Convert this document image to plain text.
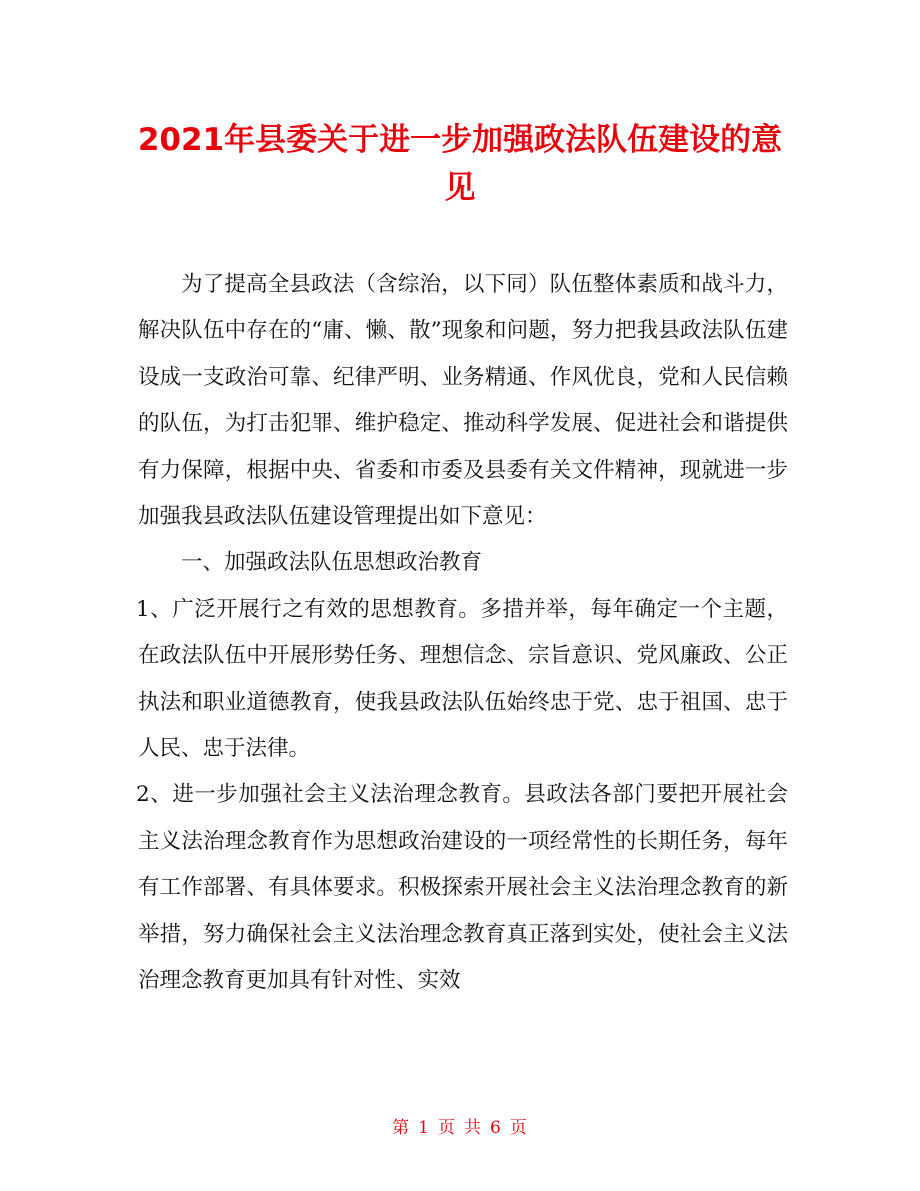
2021年县委关于进一步加强政法队伍建设的意见

为了提高全县政法（含综治，以下同）队伍整体素质和战斗力，解决队伍中存在的“庸、懒、散”现象和问题，努力把我县政法队伍建设成一支政治可靠、纪律严明、业务精通、作风优良，党和人民信赖的队伍，为打击犯罪、维护稳定、推动科学发展、促进社会和谐提供有力保障，根据中央、省委和市委及县委有关文件精神，现就进一步加强我县政法队伍建设管理提出如下意见：

一、加强政法队伍思想政治教育

1、广泛开展行之有效的思想教育。多措并举，每年确定一个主题，在政法队伍中开展形势任务、理想信念、宗旨意识、党风廉政、公正执法和职业道德教育，使我县政法队伍始终忠于党、忠于祖国、忠于人民、忠于法律。

2、进一步加强社会主义法治理念教育。县政法各部门要把开展社会主义法治理念教育作为思想政治建设的一项经常性的长期任务，每年有工作部署、有具体要求。积极探索开展社会主义法治理念教育的新举措，努力确保社会主义法治理念教育真正落到实处，使社会主义法治理念教育更加具有针对性、实效

第 1 页 共 6 页
